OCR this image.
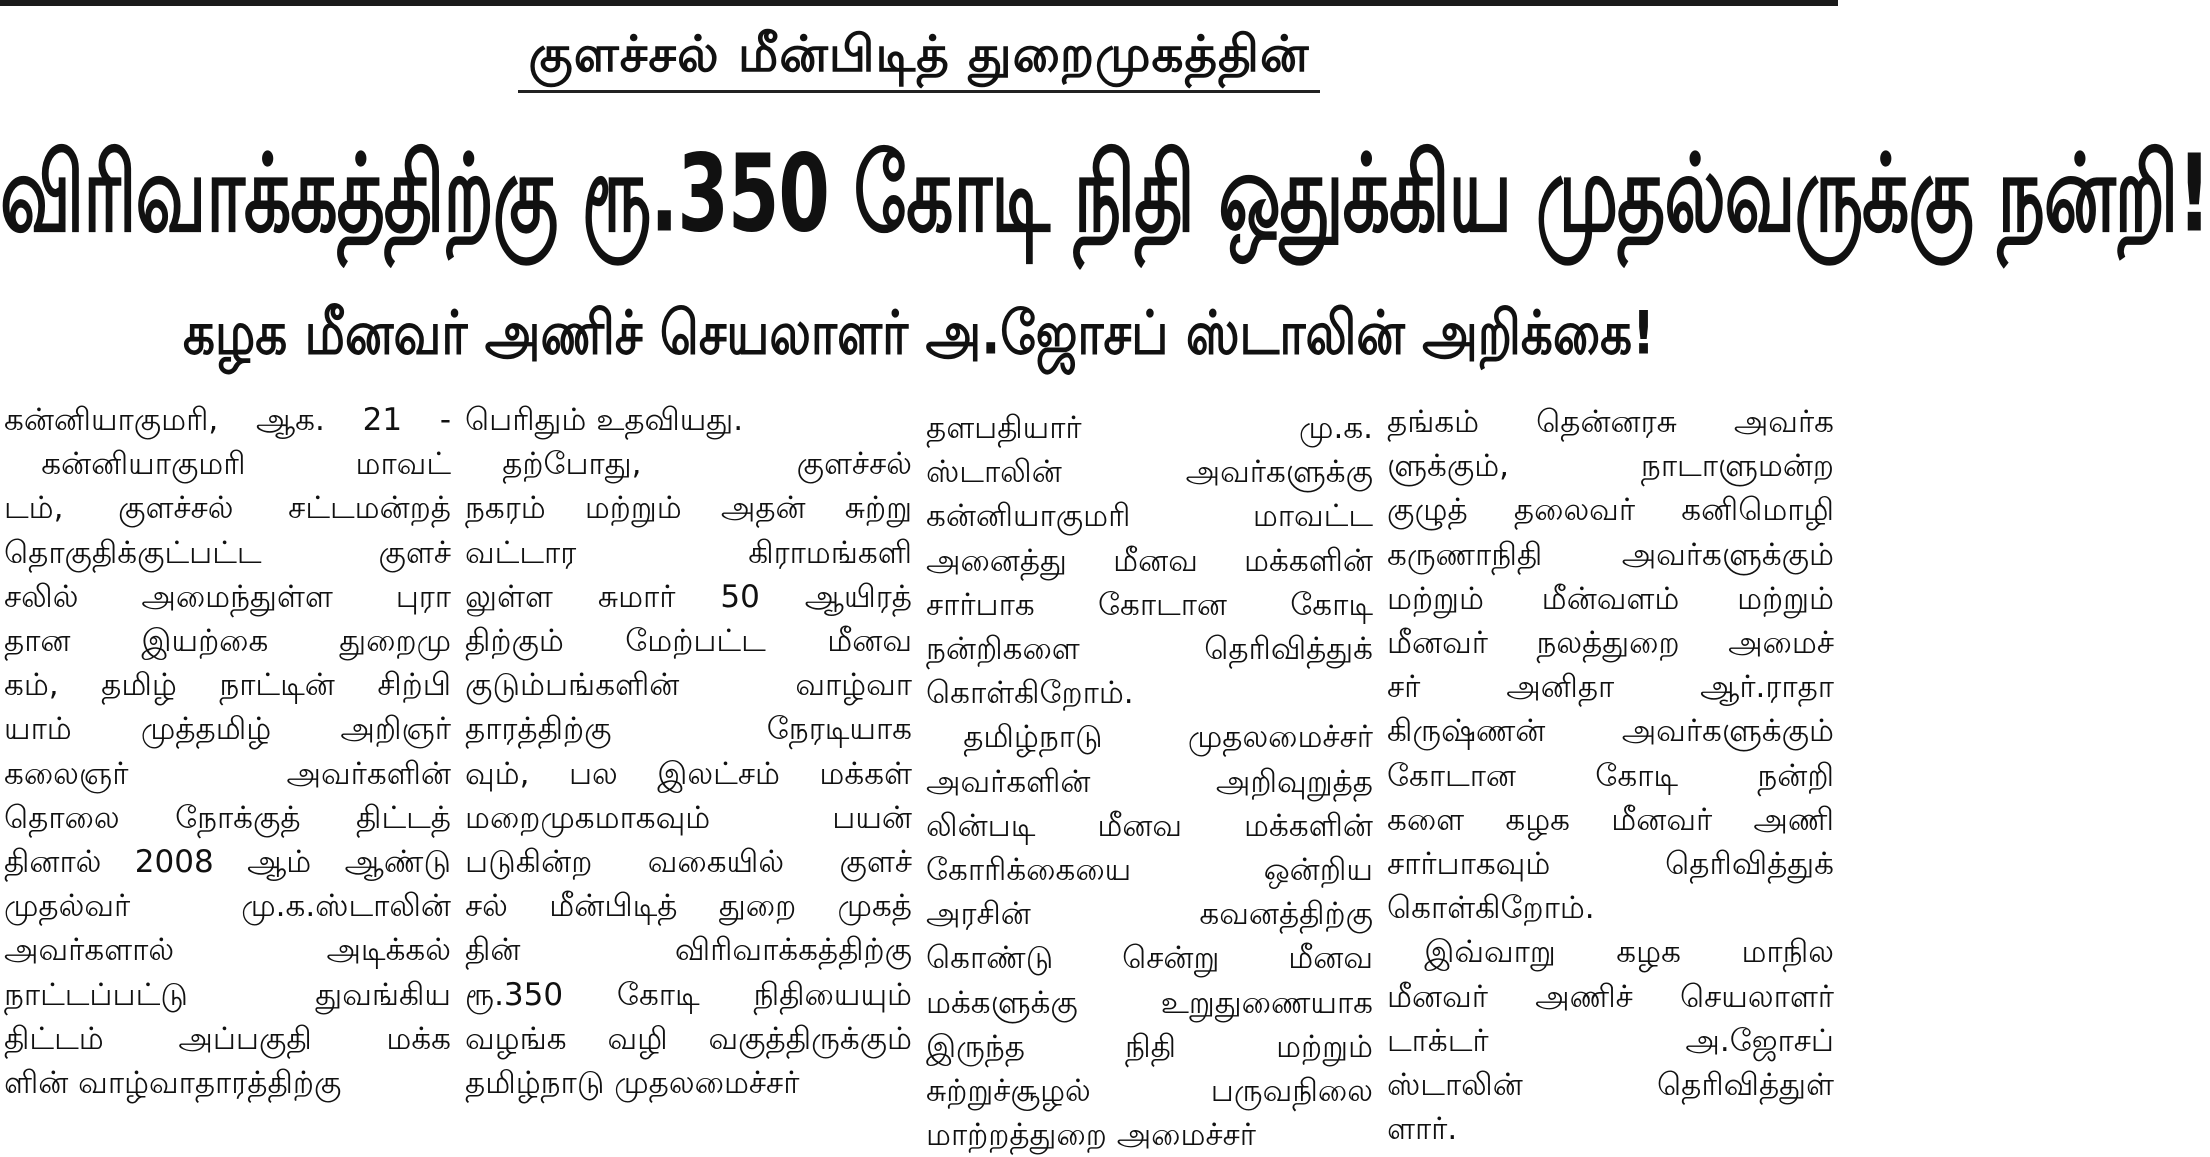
குளச்சல் மீன்பிடித் துறைமுகத்தின்
விரிவாக்கத்திற்கு ரூ.350 கோடி நிதி ஒதுக்கிய முதல்வருக்கு நன்றி!
கழக மீனவர் அணிச் செயலாளர் அ.ஜோசப் ஸ்டாலின் அறிக்கை!
கன்னியாகுமரி, ஆக. 21 -
கன்னியாகுமரி மாவட்
டம், குளச்சல் சட்டமன்றத்
தொகுதிக்குட்பட்ட குளச்
சலில் அமைந்துள்ள புரா
தான இயற்கை துறைமு
கம், தமிழ் நாட்டின் சிற்பி
யாம் முத்தமிழ் அறிஞர்
கலைஞர் அவர்களின்
தொலை நோக்குத் திட்டத்
தினால் 2008 ஆம் ஆண்டு
முதல்வர் மு.க.ஸ்டாலின்
அவர்களால் அடிக்கல்
நாட்டப்பட்டு துவங்கிய
திட்டம் அப்பகுதி மக்க
ளின் வாழ்வாதாரத்திற்கு
பெரிதும் உதவியது.
தற்போது, குளச்சல்
நகரம் மற்றும் அதன் சுற்று
வட்டார கிராமங்களி
லுள்ள சுமார் 50 ஆயிரத்
திற்கும் மேற்பட்ட மீனவ
குடும்பங்களின் வாழ்வா
தாரத்திற்கு நேரடியாக
வும், பல இலட்சம் மக்கள்
மறைமுகமாகவும் பயன்
படுகின்ற வகையில் குளச்
சல் மீன்பிடித் துறை முகத்
தின் விரிவாக்கத்திற்கு
ரூ.350 கோடி நிதியையும்
வழங்க வழி வகுத்திருக்கும்
தமிழ்நாடு முதலமைச்சர்
தளபதியார் மு.க.
ஸ்டாலின் அவர்களுக்கு
கன்னியாகுமரி மாவட்ட
அனைத்து மீனவ மக்களின்
சார்பாக கோடான கோடி
நன்றிகளை தெரிவித்துக்
கொள்கிறோம்.
தமிழ்நாடு முதலமைச்சர்
அவர்களின் அறிவுறுத்த
லின்படி மீனவ மக்களின்
கோரிக்கையை ஒன்றிய
அரசின் கவனத்திற்கு
கொண்டு சென்று மீனவ
மக்களுக்கு உறுதுணையாக
இருந்த நிதி மற்றும்
சுற்றுச்சூழல் பருவநிலை
மாற்றத்துறை அமைச்சர்
தங்கம் தென்னரசு அவர்க
ளுக்கும், நாடாளுமன்ற
குழுத் தலைவர் கனிமொழி
கருணாநிதி அவர்களுக்கும்
மற்றும் மீன்வளம் மற்றும்
மீனவர் நலத்துறை அமைச்
சர் அனிதா ஆர்.ராதா
கிருஷ்ணன் அவர்களுக்கும்
கோடான கோடி நன்றி
களை கழக மீனவர் அணி
சார்பாகவும் தெரிவித்துக்
கொள்கிறோம்.
இவ்வாறு கழக மாநில
மீனவர் அணிச் செயலாளர்
டாக்டர் அ.ஜோசப்
ஸ்டாலின் தெரிவித்துள்
ளார்.
